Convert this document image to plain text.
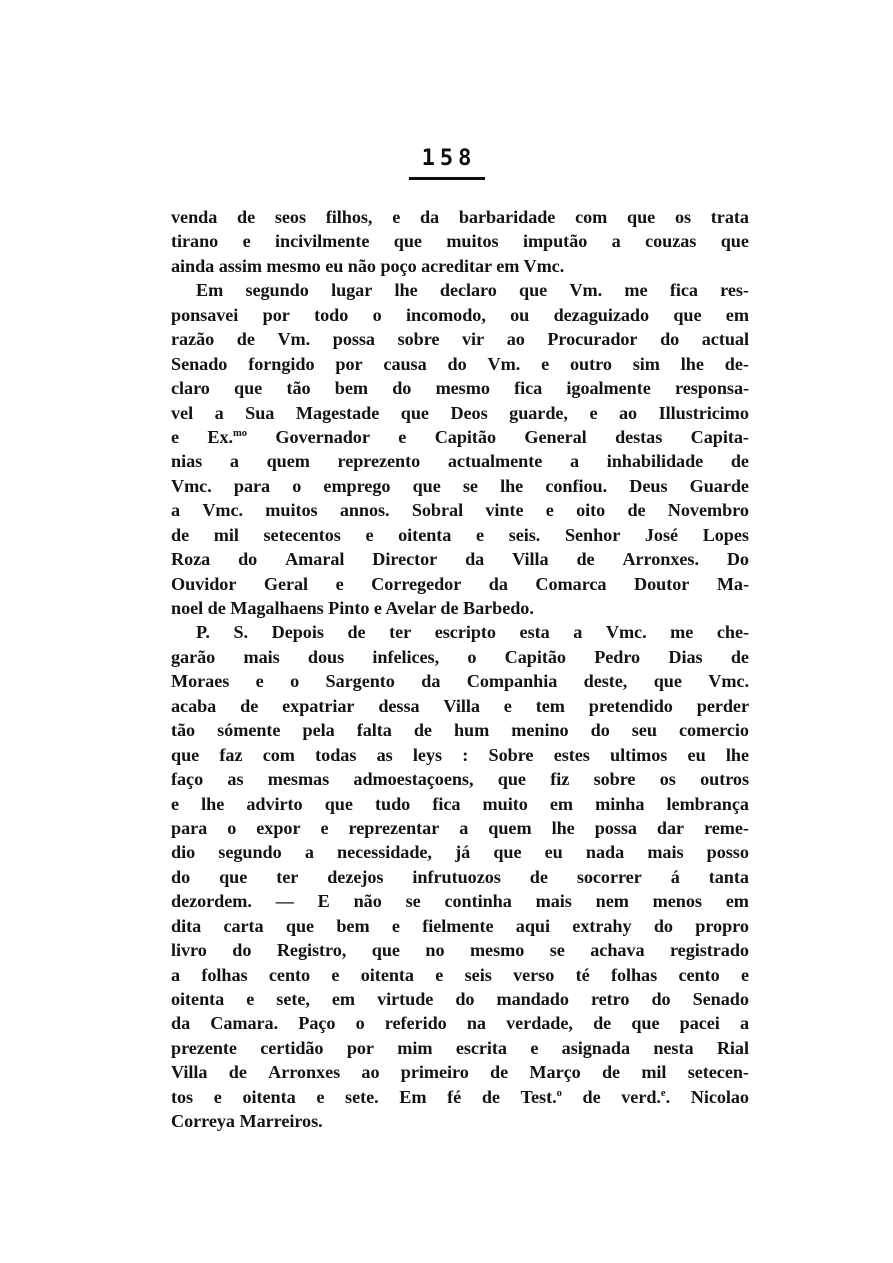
158
venda de seos filhos, e da barbaridade com que os trata
tirano e incivilmente que muitos imputão a couzas que
ainda assim mesmo eu não poço acreditar em Vmc.
Em segundo lugar lhe declaro que Vm. me fica res-
ponsavei por todo o incomodo, ou dezaguizado que em
razão de Vm. possa sobre vir ao Procurador do actual
Senado forngido por causa do Vm. e outro sim lhe de-
claro que tão bem do mesmo fica igoalmente responsa-
vel a Sua Magestade que Deos guarde, e ao Illustricimo
e Ex.$^{mo}$ Governador e Capitão General destas Capita-
nias a quem reprezento actualmente a inhabilidade de
Vmc. para o emprego que se lhe confiou. Deus Guarde
a Vmc. muitos annos. Sobral vinte e oito de Novembro
de mil setecentos e oitenta e seis. Senhor José Lopes
Roza do Amaral Director da Villa de Arronxes. Do
Ouvidor Geral e Corregedor da Comarca Doutor Ma-
noel de Magalhaens Pinto e Avelar de Barbedo.
P. S. Depois de ter escripto esta a Vmc. me che-
garão mais dous infelices, o Capitão Pedro Dias de
Moraes e o Sargento da Companhia deste, que Vmc.
acaba de expatriar dessa Villa e tem pretendido perder
tão sómente pela falta de hum menino do seu comercio
que faz com todas as leys : Sobre estes ultimos eu lhe
faço as mesmas admoestaçoens, que fiz sobre os outros
e lhe advirto que tudo fica muito em minha lembrança
para o expor e reprezentar a quem lhe possa dar reme-
dio segundo a necessidade, já que eu nada mais posso
do que ter dezejos infrutuozos de socorrer á tanta
dezordem. — E não se continha mais nem menos em
dita carta que bem e fielmente aqui extrahy do propro
livro do Registro, que no mesmo se achava registrado
a folhas cento e oitenta e seis verso té folhas cento e
oitenta e sete, em virtude do mandado retro do Senado
da Camara. Paço o referido na verdade, de que pacei a
prezente certidão por mim escrita e asignada nesta Rial
Villa de Arronxes ao primeiro de Março de mil setecen-
tos e oitenta e sete. Em fé de Test.$^o$ de verd.$^e$. Nicolao
Correya Marreiros.
